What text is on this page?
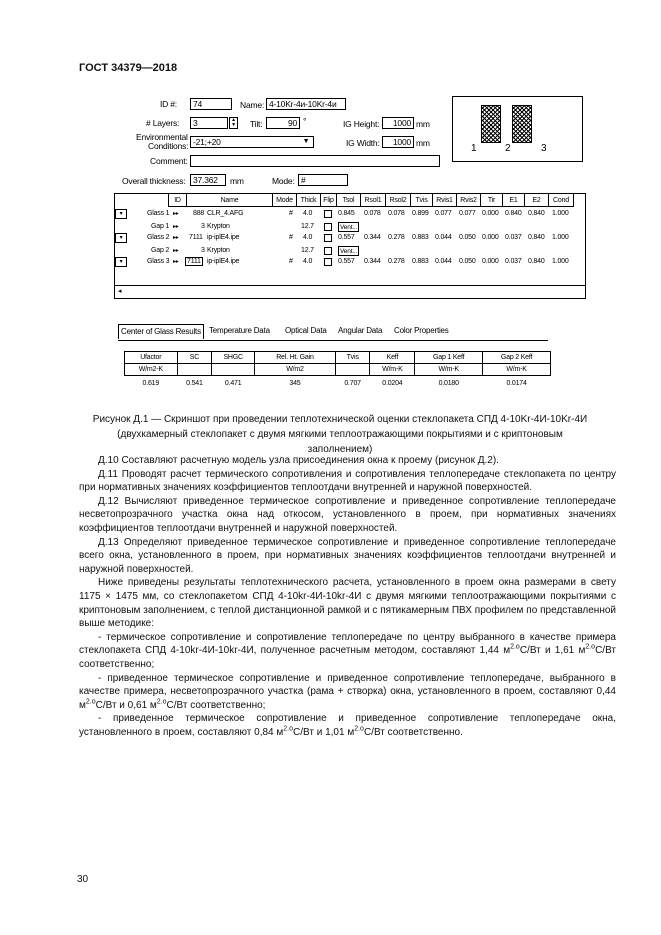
ГОСТ 34379—2018
ID #:	74	Name: 4-10Kr-4и-10Kr-4и
# Layers:	3	▲
▼ Tilt:	90 °	IG Height:	1000 mm
Environmental
Conditions: -21;+20	▼	IG Width:	1000 mm
Comment:
Overall thickness: 37.362	mm	Mode: #
1	2	3
ID	Name	Mode	Thick Flip	Tsol	Rsol1	Rsol2	Tvis	Rvis1	Rvis2	Tir	E1	E2	Cond
▾	Glass 1 ▸▸ 888 CLR_4.AFG	# 4.0	0.845 0.078 0.078 0.899 0.077 0.077 0.000 0.840 0.840 1.000
Gap 1 ▸▸	3 Krypton	12.7	Vent...
▾	Glass 2 ▸▸ 7111 ip-iplE4.ipe	# 4.0	0.557 0.344 0.278 0.883 0.044 0.050 0.000 0.037 0.840 1.000
Gap 2 ▸▸	3 Krypton	12.7	Vent...
▾	Glass 3 ▸▸ 7111 ip-iplE4.ipe	# 4.0	0.557 0.344 0.278 0.883 0.044 0.050 0.000 0.037 0.840 1.000
◂
Center of Glass Results	Temperature Data Optical Data Angular Data Color Properties
Ufactor	SC	SHGC	Rel. Ht. Gain	Tvis	Keff	Gap 1 Keff	Gap 2 Keff
W/m2-K			W/m2		W/m-K	W/m-K	W/m-K
0.619	0.541	0.471	345	0.707	0.0204	0.0180	0.0174
Рисунок Д.1 — Скриншот при проведении теплотехнической оценки стеклопакета СПД 4-10Kr-4И-10Kr-4И
(двухкамерный стеклопакет с двумя мягкими теплоотражающими покрытиями и с криптоновым заполнением)

Д.10 Составляют расчетную модель узла присоединения окна к проему (рисунок Д.2).

Д.11 Проводят расчет термического сопротивления и сопротивления теплопередаче стеклопакета по центру при нормативных значениях коэффициентов теплоотдачи внутренней и наружной поверхностей.

Д.12 Вычисляют приведенное термическое сопротивление и приведенное сопротивление теплопередаче несветопрозрачного участка окна над откосом, установленного в проем, при нормативных значениях коэффициентов теплоотдачи внутренней и наружной поверхностей.

Д.13 Определяют приведенное термическое сопротивление и приведенное сопротивление теплопередаче всего окна, установленного в проем, при нормативных значениях коэффициентов теплоотдачи внутренней и наружной поверхностей.

Ниже приведены результаты теплотехнического расчета, установленного в проем окна размерами в свету 1175 × 1475 мм, со стеклопакетом СПД 4-10kr-4И-10kr-4И с двумя мягкими теплоотражающими покрытиями с криптоновым заполнением, с теплой дистанционной рамкой и с пятикамерным ПВХ профилем по представленной выше методике:

- термическое сопротивление и сопротивление теплопередаче по центру выбранного в качестве примера стеклопакета СПД 4-10kr-4И-10kr-4И, полученное расчетным методом, составляют 1,44 $м^{2.о}С/Вт$ и 1,61 $м^{2.о}С/Вт$ соответственно;

- приведенное термическое сопротивление и приведенное сопротивление теплопередаче, выбранного в качестве примера, несветопрозрачного участка (рама + створка) окна, установленного в проем, составляют 0,44 $м^{2.о}С/Вт$ и 0,61 $м^{2.о}С/Вт$ соответственно;

- приведенное термическое сопротивление и приведенное сопротивление теплопередаче окна, установленного в проем, составляют 0,84 $м^{2.о}С/Вт$ и 1,01 $м^{2.о}С/Вт$ соответственно.

30
